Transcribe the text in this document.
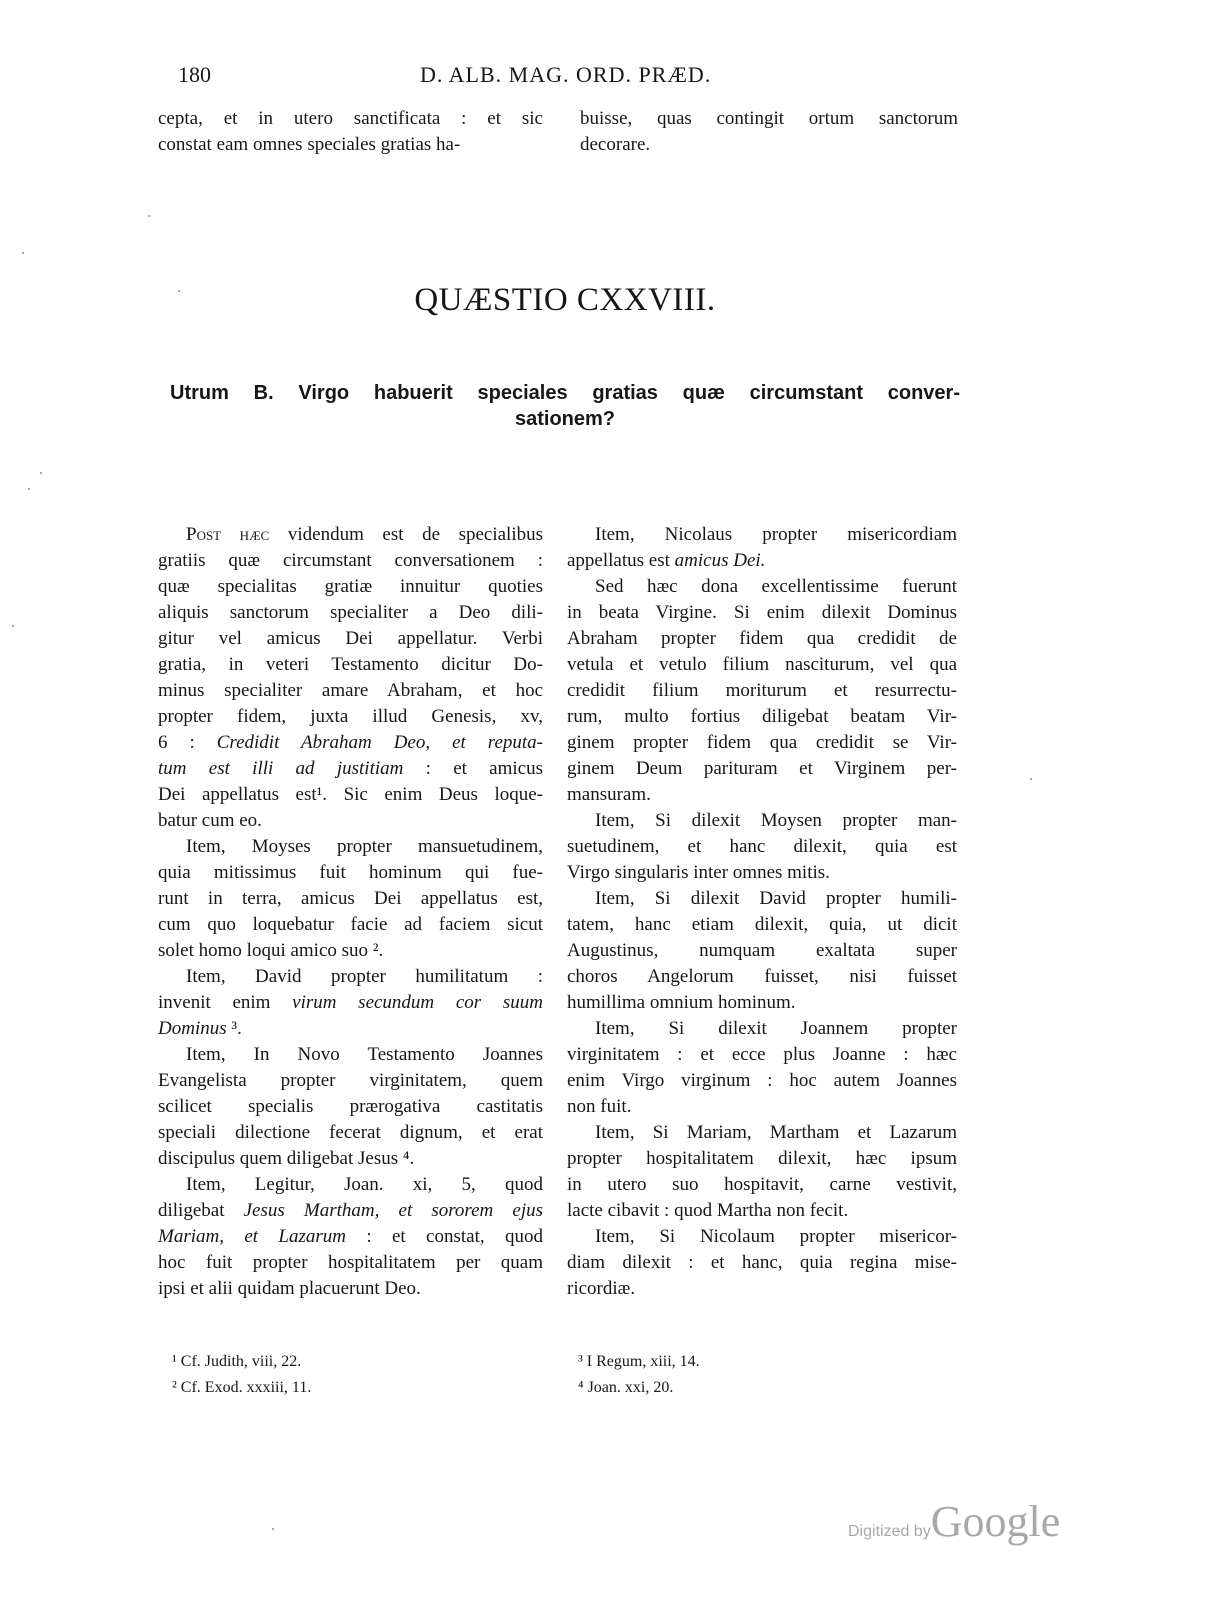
180	D. ALB. MAG. ORD. PRÆD.
cepta, et in utero sanctificata : et sic
constat eam omnes speciales gratias ha-
buisse, quas contingit ortum sanctorum
decorare.
QUÆSTIO CXXVIII.
Utrum B. Virgo habuerit speciales gratias quæ circumstant conver-
sationem?
Post hæc videndum est de specialibus
gratiis quæ circumstant conversationem :
quæ specialitas gratiæ innuitur quoties
aliquis sanctorum specialiter a Deo dili-
gitur vel amicus Dei appellatur. Verbi
gratia, in veteri Testamento dicitur Do-
minus specialiter amare Abraham, et hoc
propter fidem, juxta illud Genesis, xv,
6 : Credidit Abraham Deo, et reputa-
tum est illi ad justitiam : et amicus
Dei appellatus est¹. Sic enim Deus loque-
batur cum eo.
Item, Moyses propter mansuetudinem,
quia mitissimus fuit hominum qui fue-
runt in terra, amicus Dei appellatus est,
cum quo loquebatur facie ad faciem sicut
solet homo loqui amico suo ².
Item, David propter humilitatum :
invenit enim virum secundum cor suum
Dominus ³.
Item, In Novo Testamento Joannes
Evangelista propter virginitatem, quem
scilicet specialis prærogativa castitatis
speciali dilectione fecerat dignum, et erat
discipulus quem diligebat Jesus ⁴.
Item, Legitur, Joan. xi, 5, quod
diligebat Jesus Martham, et sororem ejus
Mariam, et Lazarum : et constat, quod
hoc fuit propter hospitalitatem per quam
ipsi et alii quidam placuerunt Deo.
Item, Nicolaus propter misericordiam
appellatus est amicus Dei.
Sed hæc dona excellentissime fuerunt
in beata Virgine. Si enim dilexit Dominus
Abraham propter fidem qua credidit de
vetula et vetulo filium nasciturum, vel qua
credidit filium moriturum et resurrectu-
rum, multo fortius diligebat beatam Vir-
ginem propter fidem qua credidit se Vir-
ginem Deum parituram et Virginem per-
mansuram.
Item, Si dilexit Moysen propter man-
suetudinem, et hanc dilexit, quia est
Virgo singularis inter omnes mitis.
Item, Si dilexit David propter humili-
tatem, hanc etiam dilexit, quia, ut dicit
Augustinus, numquam exaltata super
choros Angelorum fuisset, nisi fuisset
humillima omnium hominum.
Item, Si dilexit Joannem propter
virginitatem : et ecce plus Joanne : hæc
enim Virgo virginum : hoc autem Joannes
non fuit.
Item, Si Mariam, Martham et Lazarum
propter hospitalitatem dilexit, hæc ipsum
in utero suo hospitavit, carne vestivit,
lacte cibavit : quod Martha non fecit.
Item, Si Nicolaum propter misericor-
diam dilexit : et hanc, quia regina mise-
ricordiæ.
¹ Cf. Judith, viii, 22.
² Cf. Exod. xxxiii, 11.
³ I Regum, xiii, 14.
⁴ Joan. xxi, 20.
Digitized byGoogle
